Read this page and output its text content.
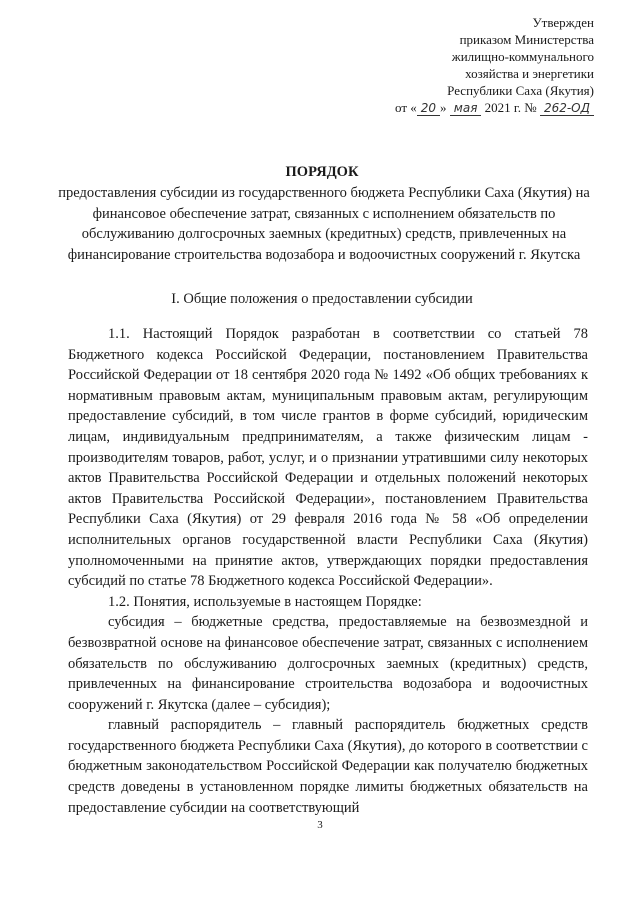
Утвержден
приказом Министерства
жилищно-коммунального
хозяйства и энергетики
Республики Саха (Якутия)
от « 20 » мая 2021 г. № 262-ОД
ПОРЯДОК
предоставления субсидии из государственного бюджета Республики Саха (Якутия) на финансовое обеспечение затрат, связанных с исполнением обязательств по обслуживанию долгосрочных заемных (кредитных) средств, привлеченных на финансирование строительства водозабора и водоочистных сооружений г. Якутска
I. Общие положения о предоставлении субсидии

1.1. Настоящий Порядок разработан в соответствии со статьей 78 Бюджетного кодекса Российской Федерации, постановлением Правительства Российской Федерации от 18 сентября 2020 года № 1492 «Об общих требованиях к нормативным правовым актам, муниципальным правовым актам, регулирующим предоставление субсидий, в том числе грантов в форме субсидий, юридическим лицам, индивидуальным предпринимателям, а также физическим лицам - производителям товаров, работ, услуг, и о признании утратившими силу некоторых актов Правительства Российской Федерации и отдельных положений некоторых актов Правительства Российской Федерации», постановлением Правительства Республики Саха (Якутия) от 29 февраля 2016 года № 58 «Об определении исполнительных органов государственной власти Республики Саха (Якутия) уполномоченными на принятие актов, утверждающих порядки предоставления субсидий по статье 78 Бюджетного кодекса Российской Федерации».

1.2. Понятия, используемые в настоящем Порядке:

субсидия – бюджетные средства, предоставляемые на безвозмездной и безвозвратной основе на финансовое обеспечение затрат, связанных с исполнением обязательств по обслуживанию долгосрочных заемных (кредитных) средств, привлеченных на финансирование строительства водозабора и водоочистных сооружений г. Якутска (далее – субсидия);

главный распорядитель – главный распорядитель бюджетных средств государственного бюджета Республики Саха (Якутия), до которого в соответствии с бюджетным законодательством Российской Федерации как получателю бюджетных средств доведены в установленном порядке лимиты бюджетных обязательств на предоставление субсидии на соответствующий

3
